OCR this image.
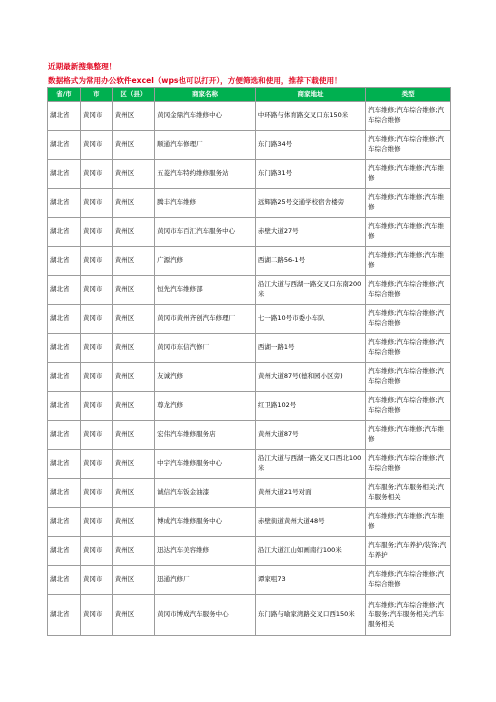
近期最新搜集整理！
数据格式为常用办公软件excel（wps也可以打开），方便筛选和使用，推荐下载使用！
省/市	市	区（县）	商家名称	商家地址	类型
湖北省	黄冈市	黄州区	黄冈金鼎汽车维修中心	中环路与体育路交叉口东150米	汽车维修;汽车综合维修;汽车综合维修
湖北省	黄冈市	黄州区	顺通汽车修理厂	东门路34号	汽车维修;汽车综合维修;汽车综合维修
湖北省	黄冈市	黄州区	五菱汽车特约维修服务站	东门路31号	汽车维修;汽车维修;汽车维修
湖北省	黄冈市	黄州区	腾丰汽车维修	远辉路25号交通学校宿舍楼旁	汽车维修;汽车维修;汽车维修
湖北省	黄冈市	黄州区	黄冈市车百汇汽车服务中心	赤壁大道27号	汽车维修;汽车维修;汽车维修
湖北省	黄冈市	黄州区	广源汽修	西湖二路56-1号	汽车维修;汽车维修;汽车维修
湖北省	黄冈市	黄州区	恒先汽车维修部	沿江大道与西湖一路交叉口东南200米	汽车维修;汽车综合维修;汽车综合维修
湖北省	黄冈市	黄州区	黄冈市黄州齐创汽车修理厂	七一路10号市委小车队	汽车维修;汽车综合维修;汽车综合维修
湖北省	黄冈市	黄州区	黄冈市东信汽修厂	西湖一路1号	汽车维修;汽车综合维修;汽车综合维修
湖北省	黄冈市	黄州区	友诚汽修	黄州大道87号(德和园小区旁)	汽车维修;汽车综合维修;汽车综合维修
湖北省	黄冈市	黄州区	尊龙汽修	红卫路102号	汽车维修;汽车综合维修;汽车综合维修
湖北省	黄冈市	黄州区	宏伟汽车维修服务店	黄州大道87号	汽车维修;汽车维修;汽车维修
湖北省	黄冈市	黄州区	中宇汽车维修服务中心	沿江大道与西湖一路交叉口西北100米	汽车维修;汽车综合维修;汽车综合维修
湖北省	黄冈市	黄州区	诚信汽车钣金油漆	黄州大道21号对面	汽车服务;汽车服务相关;汽车服务相关
湖北省	黄冈市	黄州区	博成汽车维修服务中心	赤壁街道黄州大道48号	汽车维修;汽车维修;汽车维修
湖北省	黄冈市	黄州区	迅达汽车美容维修	沿江大道江山如画南行100米	汽车服务;汽车养护/装饰;汽车养护
湖北省	黄冈市	黄州区	迅通汽修厂	谭家咀73	汽车维修;汽车综合维修;汽车综合维修
湖北省	黄冈市	黄州区	黄冈市博成汽车服务中心	东门路与喻家湾路交叉口西150米	汽车维修;汽车综合维修;汽车服务;汽车服务相关;汽车服务相关
